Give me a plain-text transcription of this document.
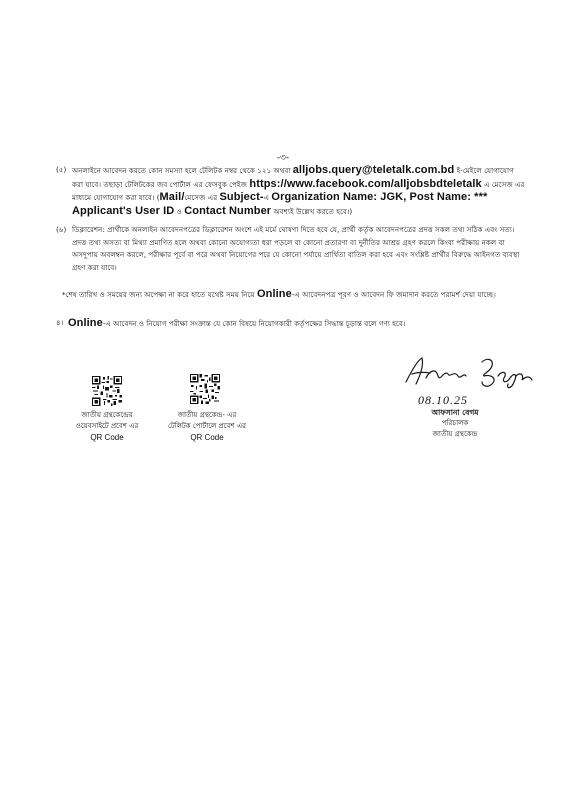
-৩-
(৫) অনলাইনে আবেদন করতে কোন সমস্যা হলে টেলিটক নম্বর থেকে ১২১ অথবা alljobs.query@teletalk.com.bd ই-মেইলে যোগাযোগ করা যাবে। তছাড়া টেলিটকের জব পোর্টাল এর ফেসবুক পেইজ https://www.facebook.com/alljobsbdteletalk এ মেসেজ এর মাধ্যমে যোগাযোগ করা যাবে। (Mail/মেসেজ এর Subject-এ Organization Name: JGK, Post Name: *** Applicant's User ID ও Contact Number অবশ্যই উল্লেখ করতে হবে।)
(৬) ডিক্লারেশন: প্রার্থীকে অনলাইন আবেদনপত্রের ডিক্লারেশন অংশে এই মর্মে ঘোষণা দিতে হবে যে, প্রার্থী কর্তৃক আবেদনপত্রের প্রদত্ত সকল তথ্য সঠিক এবং সত্য। প্রদত্ত তথ্য অসত্য বা মিথ্যা প্রমাণিত হলে অথবা কোনো অযোগ্যতা ধরা পড়লে বা কোনো প্রতারণা বা দুর্নীতির আশ্রয় গ্রহণ করলে কিংবা পরীক্ষায় নকল বা অসদুপায় অবলম্বন করলে, পরীক্ষার পূর্বে বা পরে অথবা নিয়োগের পরে যে কোনো পর্যায়ে প্রার্থিতা বাতিল করা হবে এবং সংশ্লিষ্ট প্রার্থীর বিরুদ্ধে আইনগত ব্যবস্থা গ্রহণ করা যাবে।
*শেষ তারিখ ও সময়ের জন্য অপেক্ষা না করে হাতে যথেষ্ট সময় নিয়ে Online-এ আবেদনপত্র পূরণ ও আবেদন ফি জমাদান করতে পরামর্শ দেয়া যাচ্ছে।
৪। Online-এ আবেদন ও নিয়োগ পরীক্ষা সংক্রান্ত যে কোন বিষয়ে নিয়োগকারী কর্তৃপক্ষের সিদ্ধান্ত চূড়ান্ত বলে গণ্য হবে।
জাতীয় গ্রন্থকেন্দ্রের
ওয়েবসাইটে প্রবেশ এর
QR Code
জাতীয় গ্রন্থকেন্দ্র- এর
টেলিটক পোর্টালে প্রবেশ এর
QR Code
08.10.25
আফসানা বেগম
পরিচালক
জাতীয় গ্রন্থকেন্দ্র
